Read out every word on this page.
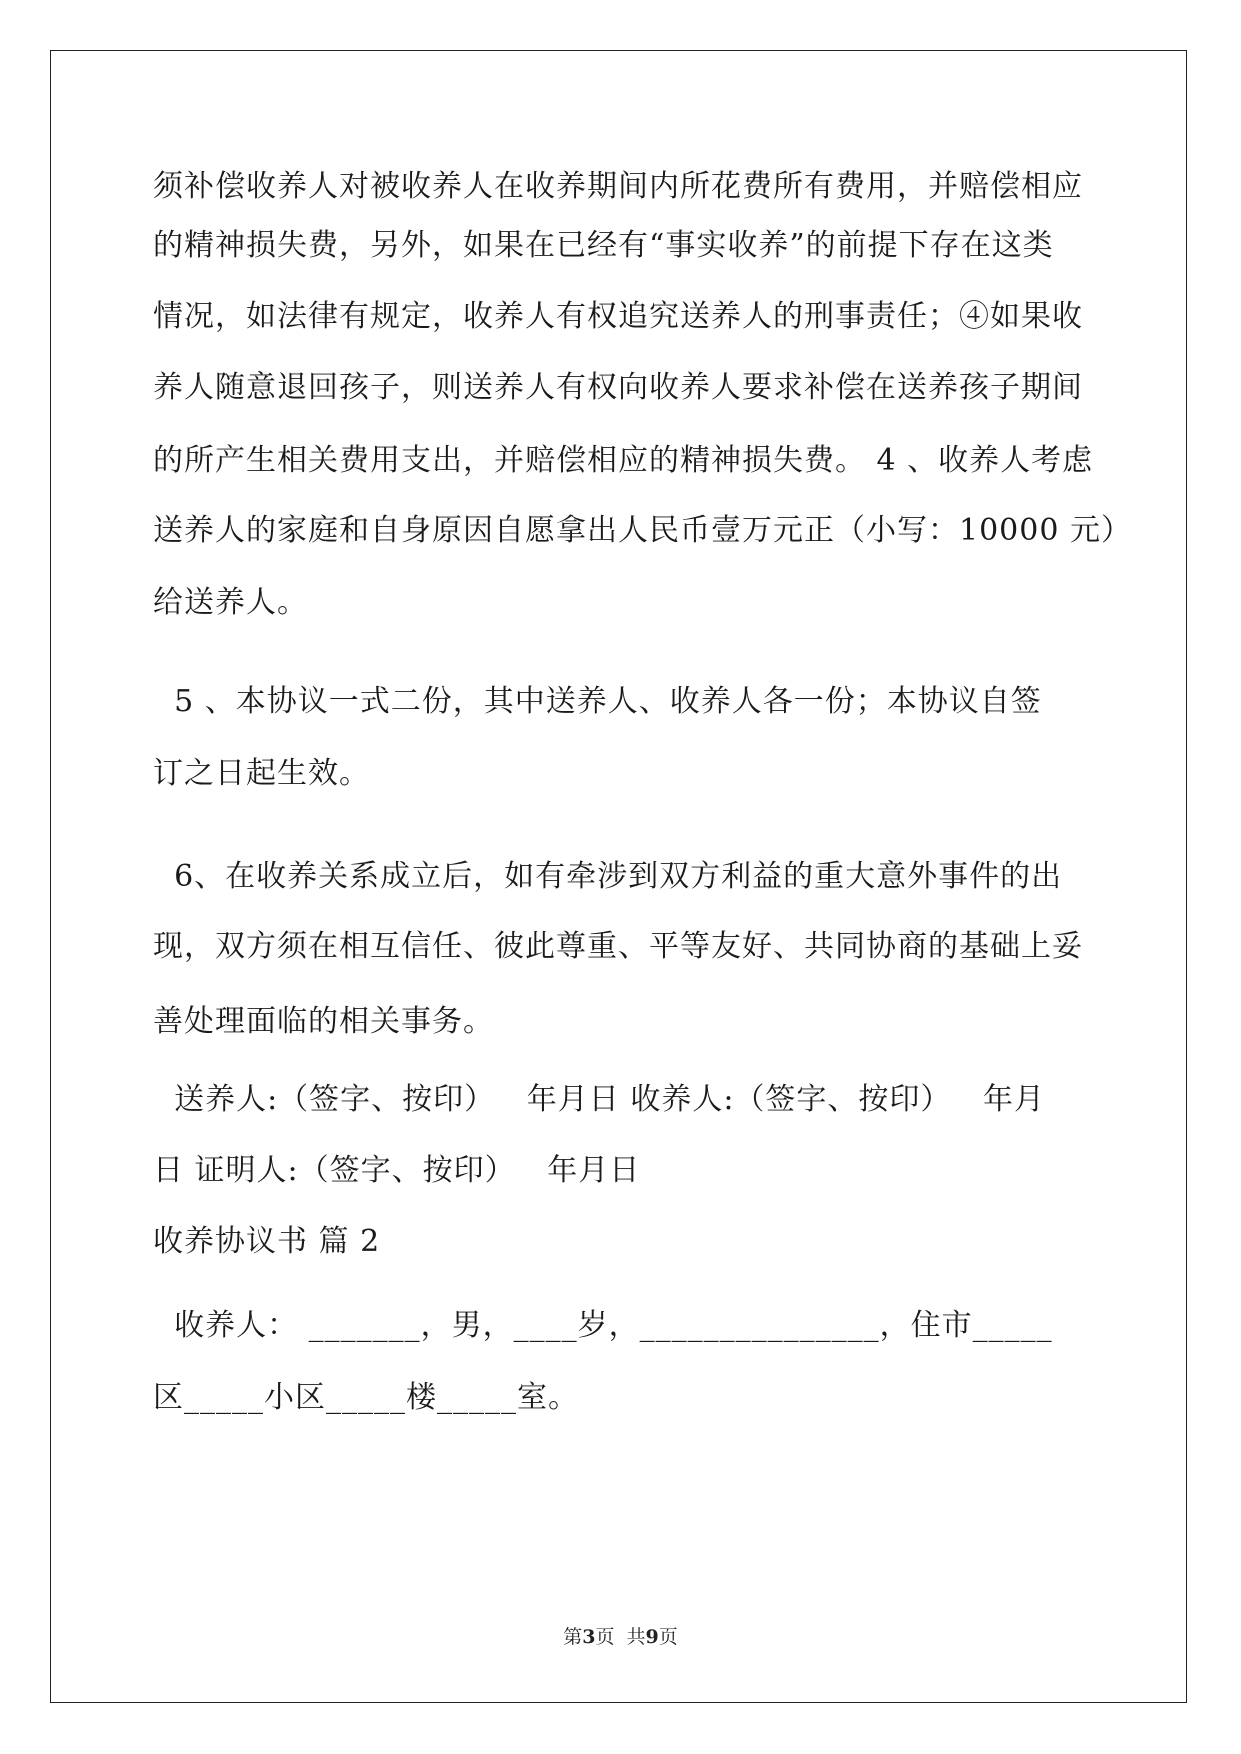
须补偿收养人对被收养人在收养期间内所花费所有费用，并赔偿相应
的精神损失费，另外，如果在已经有“事实收养”的前提下存在这类
情况，如法律有规定，收养人有权追究送养人的刑事责任；④如果收
养人随意退回孩子，则送养人有权向收养人要求补偿在送养孩子期间
的所产生相关费用支出，并赔偿相应的精神损失费。 4 、收养人考虑
送养人的家庭和自身原因自愿拿出人民币壹万元正（小写：10000 元）
给送养人。
5 、本协议一式二份，其中送养人、收养人各一份；本协议自签
订之日起生效。
6、在收养关系成立后，如有牵涉到双方利益的重大意外事件的出
现，双方须在相互信任、彼此尊重、平等友好、共同协商的基础上妥
善处理面临的相关事务。
送养人:（签字、按印）   年月日 收养人:（签字、按印）   年月
日 证明人:（签字、按印）   年月日
收养协议书 篇 2
收养人： _______，男，____岁，_______________，住市_____
区_____小区_____楼_____室。
第3页  共9页
